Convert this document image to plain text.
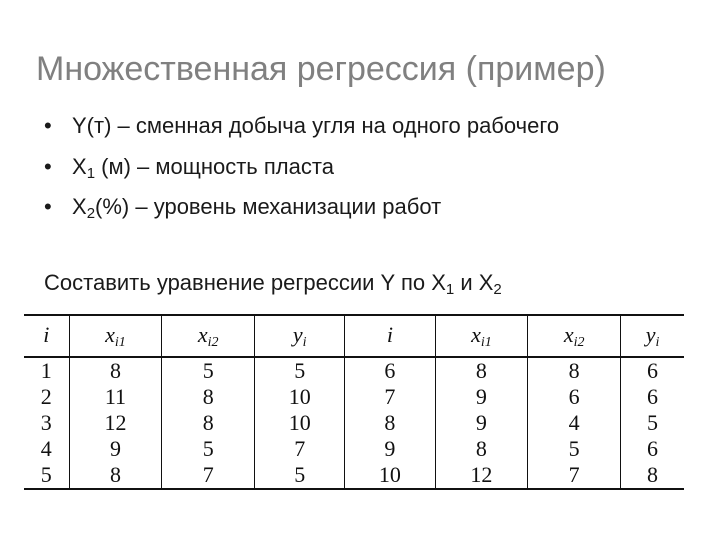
Множественная регрессия (пример)
• Y(т) – сменная добыча угля на одного рабочего
• $X_1$ (м) – мощность пласта
• $X_2(\%)$ – уровень механизации работ
Составить уравнение регрессии Y по $X_1$ и $X_2$
i	$x_{i1}$	$x_{i2}$	$y_i$	i	$x_{i1}$	$x_{i2}$	$y_i$
1	8	5	5	6	8	8	6
2	11	8	10	7	9	6	6
3	12	8	10	8	9	4	5
4	9	5	7	9	8	5	6
5	8	7	5	10	12	7	8
